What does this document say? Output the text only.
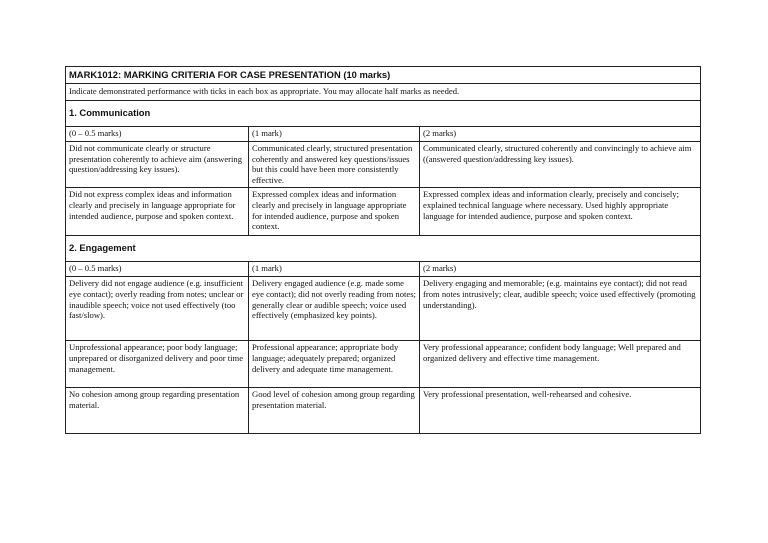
MARK1012: MARKING CRITERIA FOR CASE PRESENTATION (10 marks)		
Indicate demonstrated performance with ticks in each box as appropriate. You may allocate half marks as needed.		
1. Communication		
(0 – 0.5 marks)	(1 mark)	(2 marks)
Did not communicate clearly or structure presentation coherently to achieve aim (answering question/addressing key issues).	Communicated clearly, structured presentation coherently and answered key questions/issues but this could have been more consistently effective.	Communicated clearly, structured coherently and convincingly to achieve aim ((answered question/addressing key issues).
Did not express complex ideas and information clearly and precisely in language appropriate for intended audience, purpose and spoken context.	Expressed complex ideas and information clearly and precisely in language appropriate for intended audience, purpose and spoken context.	Expressed complex ideas and information clearly, precisely and concisely; explained technical language where necessary. Used highly appropriate language for intended audience, purpose and spoken context.
2. Engagement		
(0 – 0.5 marks)	(1 mark)	(2 marks)
Delivery did not engage audience (e.g. insufficient eye contact); overly reading from notes; unclear or inaudible speech; voice not used effectively (too fast/slow).	Delivery engaged audience (e.g. made some eye contact); did not overly reading from notes; generally clear or audible speech; voice used effectively (emphasized key points).	Delivery engaging and memorable; (e.g. maintains eye contact); did not read from notes intrusively; clear, audible speech; voice used effectively (promoting understanding).
Unprofessional appearance; poor body language; unprepared or disorganized delivery and poor time management.	Professional appearance; appropriate body language; adequately prepared; organized delivery and adequate time management.	Very professional appearance; confident body language; Well prepared and organized delivery and effective time management.
No cohesion among group regarding presentation material.	Good level of cohesion among group regarding presentation material.	Very professional presentation, well-rehearsed and cohesive.
